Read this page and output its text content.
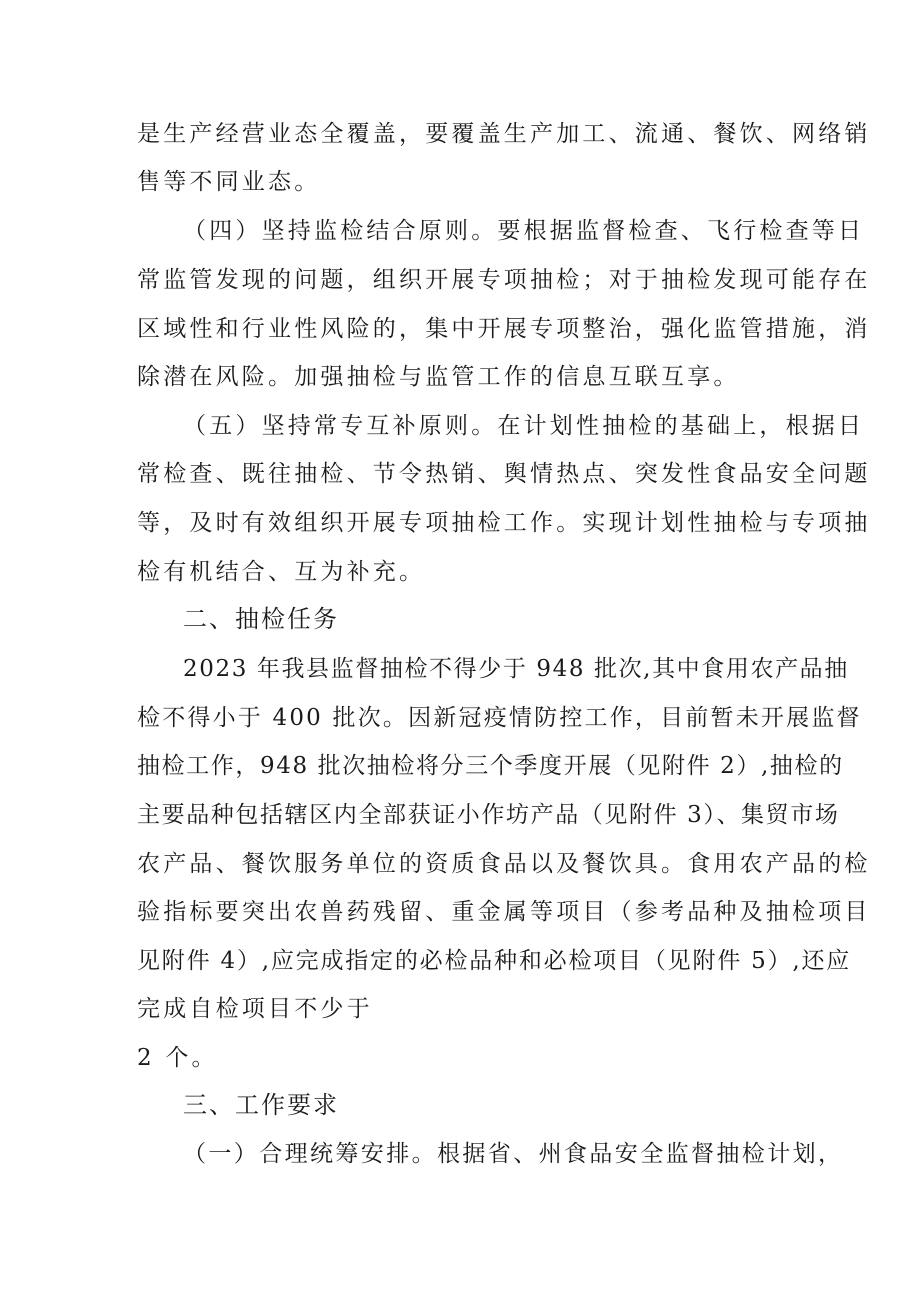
是生产经营业态全覆盖，要覆盖生产加工、流通、餐饮、网络销
售等不同业态。
（四）坚持监检结合原则。要根据监督检查、飞行检查等日
常监管发现的问题，组织开展专项抽检；对于抽检发现可能存在
区域性和行业性风险的，集中开展专项整治，强化监管措施，消
除潜在风险。加强抽检与监管工作的信息互联互享。
（五）坚持常专互补原则。在计划性抽检的基础上，根据日
常检查、既往抽检、节令热销、舆情热点、突发性食品安全问题
等，及时有效组织开展专项抽检工作。实现计划性抽检与专项抽
检有机结合、互为补充。
二、抽检任务
2023 年我县监督抽检不得少于 948 批次,其中食用农产品抽
检不得小于 400 批次。因新冠疫情防控工作，目前暂未开展监督
抽检工作，948 批次抽检将分三个季度开展（见附件 2）,抽检的
主要品种包括辖区内全部获证小作坊产品（见附件 3）、集贸市场
农产品、餐饮服务单位的资质食品以及餐饮具。食用农产品的检
验指标要突出农兽药残留、重金属等项目（参考品种及抽检项目
见附件 4）,应完成指定的必检品种和必检项目（见附件 5）,还应
完成自检项目不少于
2 个。
三、工作要求
（一）合理统筹安排。根据省、州食品安全监督抽检计划，
